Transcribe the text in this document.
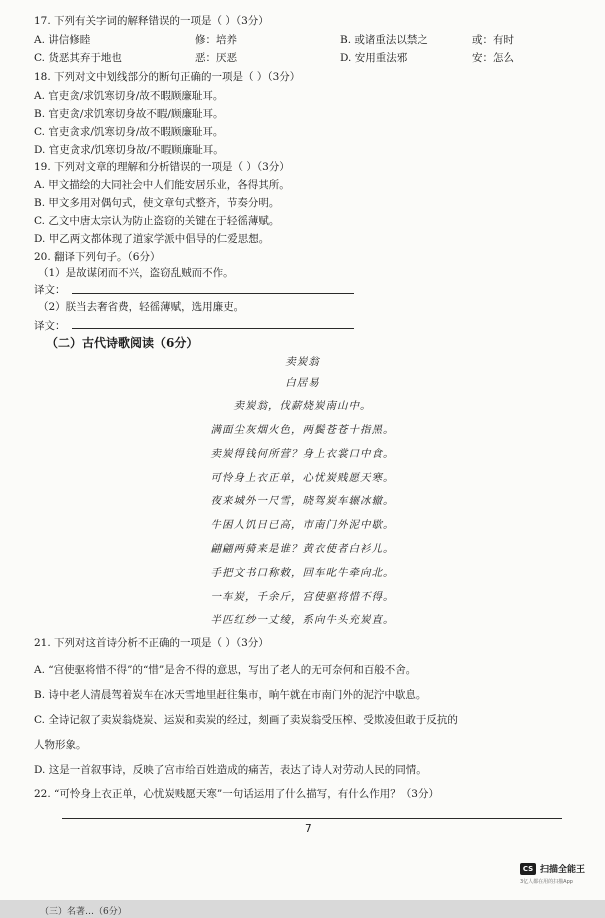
17. 下列有关字词的解释错误的一项是（ ）（3分）
A. 讲信修睦	修：培养	B. 或诸重法以禁之	或：有时
C. 货恶其弃于地也	恶：厌恶	D. 安用重法邪	安：怎么
18. 下列对文中划线部分的断句正确的一项是（ ）（3分）
A. 官吏贪/求饥寒切身/故不暇顾廉耻耳。
B. 官吏贪/求饥寒切身故不暇/顾廉耻耳。
C. 官吏贪求/饥寒切身/故不暇顾廉耻耳。
D. 官吏贪求/饥寒切身故/不暇顾廉耻耳。
19. 下列对文章的理解和分析错误的一项是（ ）（3分）
A. 甲文描绘的大同社会中人们能安居乐业，各得其所。
B. 甲文多用对偶句式，使文章句式整齐，节奏分明。
C. 乙文中唐太宗认为防止盗窃的关键在于轻徭薄赋。
D. 甲乙两文都体现了道家学派中倡导的仁爱思想。
20. 翻译下列句子。（6分）
（1）是故谋闭而不兴，盗窃乱贼而不作。
译文：
（2）朕当去奢省费，轻徭薄赋，选用廉吏。
译文：
（二）古代诗歌阅读（6分）
卖炭翁
白居易
卖炭翁，伐薪烧炭南山中。
满面尘灰烟火色，两鬓苍苍十指黑。
卖炭得钱何所营？身上衣裳口中食。
可怜身上衣正单，心忧炭贱愿天寒。
夜来城外一尺雪，晓驾炭车辗冰辙。
牛困人饥日已高，市南门外泥中歇。
翩翩两骑来是谁？黄衣使者白衫儿。
手把文书口称敕，回车叱牛牵向北。
一车炭，千余斤，宫使驱将惜不得。
半匹红纱一丈绫，系向牛头充炭直。
21. 下列对这首诗分析不正确的一项是（ ）（3分）
A. “宫使驱将惜不得”的“惜”是舍不得的意思，写出了老人的无可奈何和百般不舍。
B. 诗中老人清晨驾着炭车在冰天雪地里赶往集市，晌午就在市南门外的泥泞中歇息。
C. 全诗记叙了卖炭翁烧炭、运炭和卖炭的经过，刻画了卖炭翁受压榨、受欺凌但敢于反抗的
人物形象。
D. 这是一首叙事诗，反映了宫市给百姓造成的痛苦，表达了诗人对劳动人民的同情。
22. “可怜身上衣正单，心忧炭贱愿天寒”一句话运用了什么描写，有什么作用？（3分）
7
CS 扫描全能王
3亿人都在用的扫描App
（三）名著…（6分）
